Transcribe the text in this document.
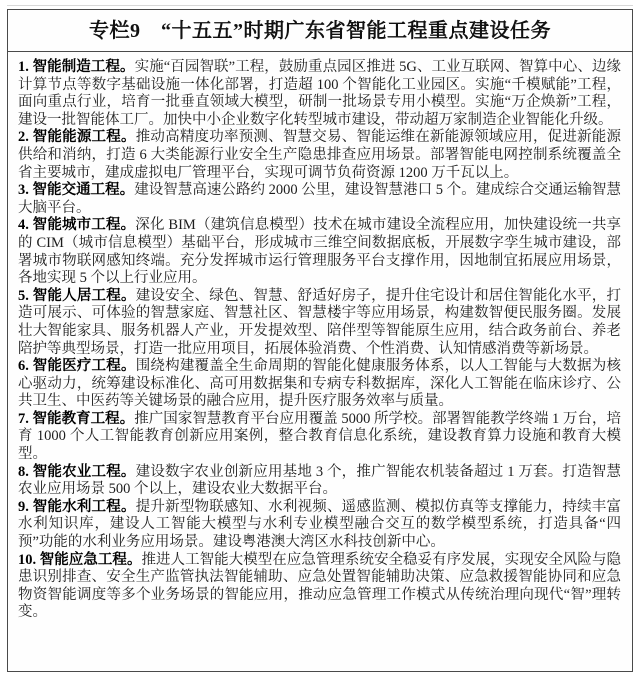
专栏9　“十五五”时期广东省智能工程重点建设任务

1. 智能制造工程。实施“百园智联”工程，鼓励重点园区推进 5G、工业互联网、智算中心、边缘计算节点等数字基础设施一体化部署，打造超 100 个智能化工业园区。实施“千模赋能”工程，面向重点行业，培育一批垂直领域大模型，研制一批场景专用小模型。实施“万企焕新”工程，建设一批智能体工厂。加快中小企业数字化转型城市建设，带动超万家制造企业智能化升级。

2. 智能能源工程。推动高精度功率预测、智慧交易、智能运维在新能源领域应用，促进新能源供给和消纳，打造 6 大类能源行业安全生产隐患排查应用场景。部署智能电网控制系统覆盖全省主要城市，建成虚拟电厂管理平台，实现可调节负荷资源 1200 万千瓦以上。

3. 智能交通工程。建设智慧高速公路约 2000 公里，建设智慧港口 5 个。建成综合交通运输智慧大脑平台。

4. 智能城市工程。深化 BIM（建筑信息模型）技术在城市建设全流程应用，加快建设统一共享的 CIM（城市信息模型）基础平台，形成城市三维空间数据底板，开展数字孪生城市建设，部署城市物联网感知终端。充分发挥城市运行管理服务平台支撑作用，因地制宜拓展应用场景，各地实现 5 个以上行业应用。

5. 智能人居工程。建设安全、绿色、智慧、舒适好房子，提升住宅设计和居住智能化水平，打造可展示、可体验的智慧家庭、智慧社区、智慧楼宇等应用场景，构建数智便民服务圈。发展壮大智能家具、服务机器人产业，开发提效型、陪伴型等智能原生应用，结合政务前台、养老陪护等典型场景，打造一批应用项目，拓展体验消费、个性消费、认知情感消费等新场景。

6. 智能医疗工程。围绕构建覆盖全生命周期的智能化健康服务体系，以人工智能与大数据为核心驱动力，统筹建设标准化、高可用数据集和专病专科数据库，深化人工智能在临床诊疗、公共卫生、中医药等关键场景的融合应用，提升医疗服务效率与质量。

7. 智能教育工程。推广国家智慧教育平台应用覆盖 5000 所学校。部署智能教学终端 1 万台，培育 1000 个人工智能教育创新应用案例，整合教育信息化系统，建设教育算力设施和教育大模型。

8. 智能农业工程。建设数字农业创新应用基地 3 个，推广智能农机装备超过 1 万套。打造智慧农业应用场景 500 个以上，建设农业大数据平台。

9. 智能水利工程。提升新型物联感知、水利视频、遥感监测、模拟仿真等支撑能力，持续丰富水利知识库，建设人工智能大模型与水利专业模型融合交互的数学模型系统，打造具备“四预”功能的水利业务应用场景。建设粤港澳大湾区水科技创新中心。

10. 智能应急工程。推进人工智能大模型在应急管理系统安全稳妥有序发展，实现安全风险与隐患识别排查、安全生产监管执法智能辅助、应急处置智能辅助决策、应急救援智能协同和应急物资智能调度等多个业务场景的智能应用，推动应急管理工作模式从传统治理向现代“智”理转变。
